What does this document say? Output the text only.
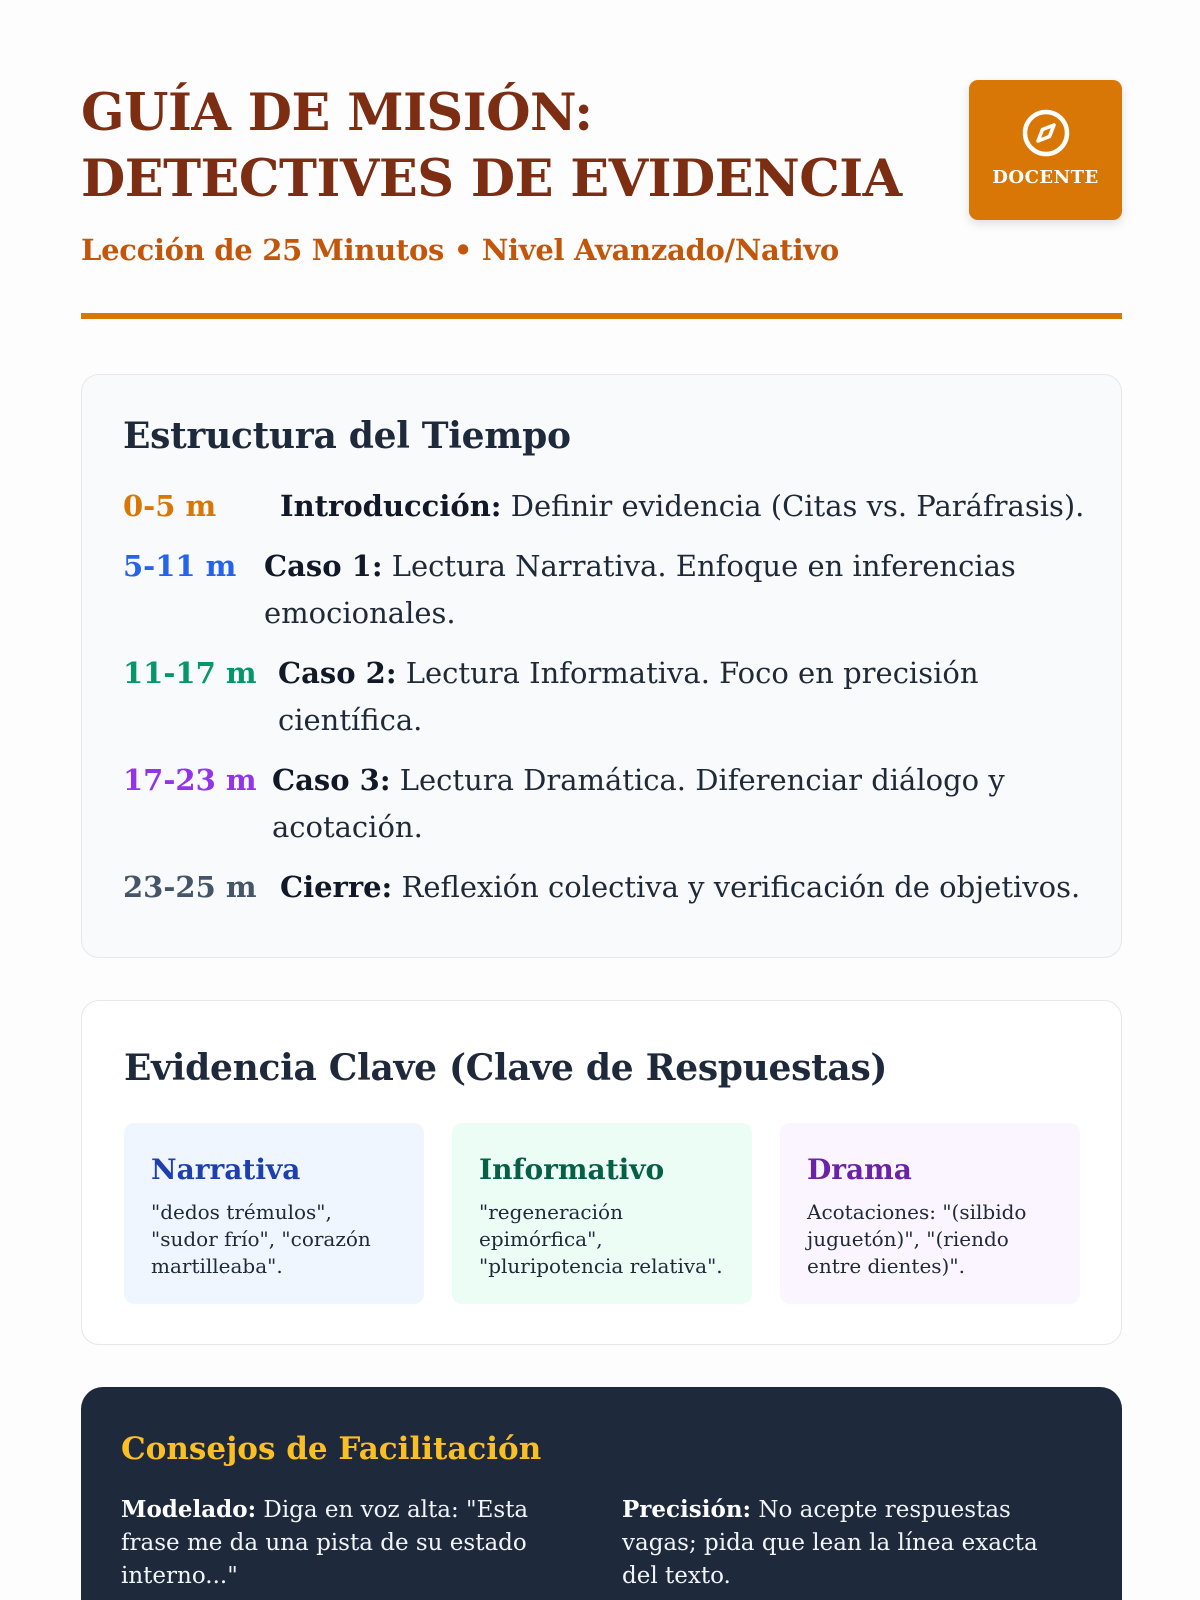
GUÍA DE MISIÓN:
DETECTIVES DE EVIDENCIA

Lección de 25 Minutos • Nivel Avanzado/Nativo

DOCENTE
Estructura del Tiempo
0-5 m Introducción: Definir evidencia (Citas vs. Paráfrasis).
5-11 m Caso 1: Lectura Narrativa. Enfoque en inferencias emocionales.
11-17 m Caso 2: Lectura Informativa. Foco en precisión científica.
17-23 m Caso 3: Lectura Dramática. Diferenciar diálogo y acotación.
23-25 m Cierre: Reflexión colectiva y verificación de objetivos.
Evidencia Clave (Clave de Respuestas)
Narrativa

"dedos trémulos", "sudor frío", "corazón martilleaba".

Informativo

"regeneración epimórfica", "pluripotencia relativa".

Drama

Acotaciones: "(silbido juguetón)", "(riendo entre dientes)".

Consejos de Facilitación
Modelado: Diga en voz alta: "Esta frase me da una pista de su estado interno..."
Precisión: No acepte respuestas vagas; pida que lean la línea exacta del texto.
